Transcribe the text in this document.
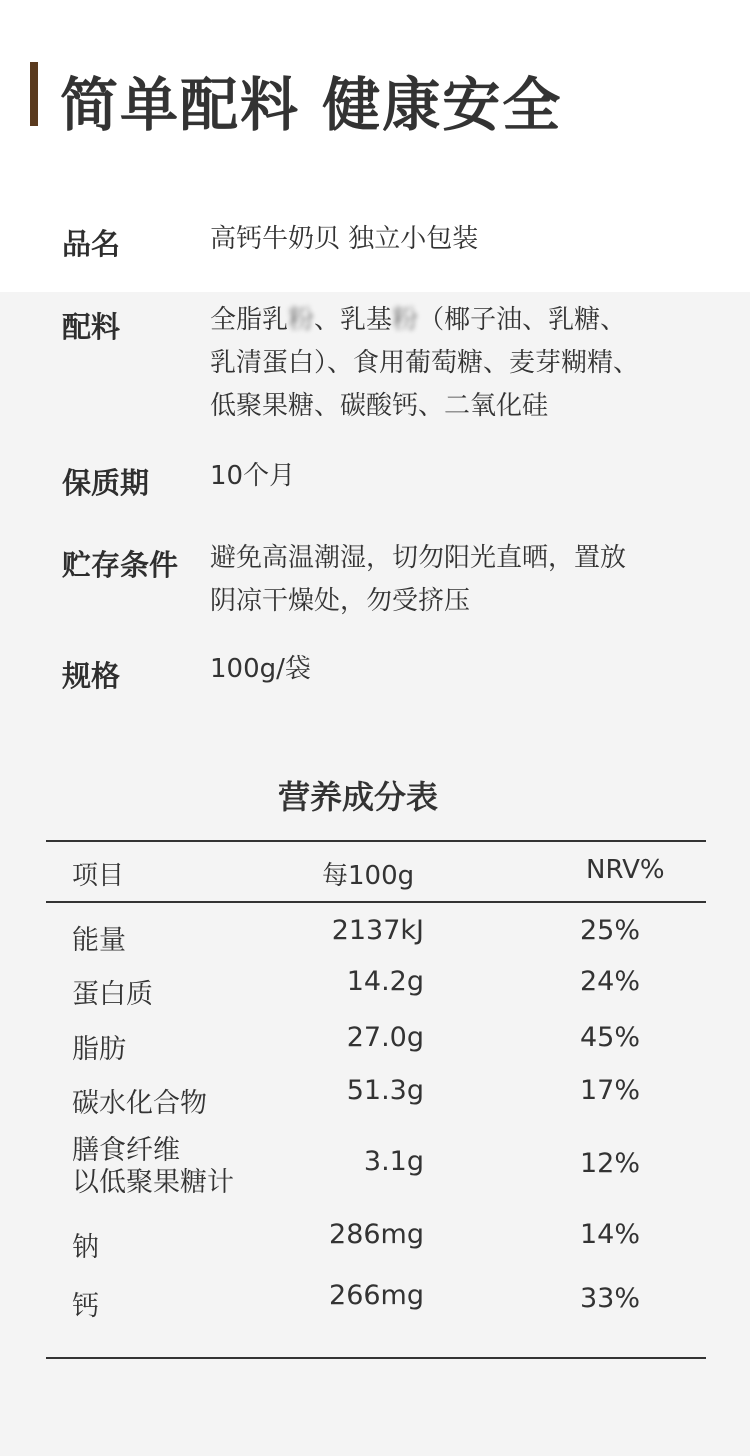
简单配料 健康安全
品名	高钙牛奶贝 独立小包装

配料	全脂乳粉、乳基粉（椰子油、乳糖、
乳清蛋白）、食用葡萄糖、麦芽糊精、
低聚果糖、碳酸钙、二氧化硅

保质期 10个月

贮存条件 避免高温潮湿，切勿阳光直晒，置放
阴凉干燥处，勿受挤压

规格	100g/袋

营养成分表
项目	每100g	NRV%
能量	2137kJ	25%
蛋白质	14.2g	24%
脂肪	27.0g	45%
碳水化合物	51.3g	17%
膳食纤维
以低聚果糖计
3.1g	12%
钠	286mg	14%
钙	266mg	33%
